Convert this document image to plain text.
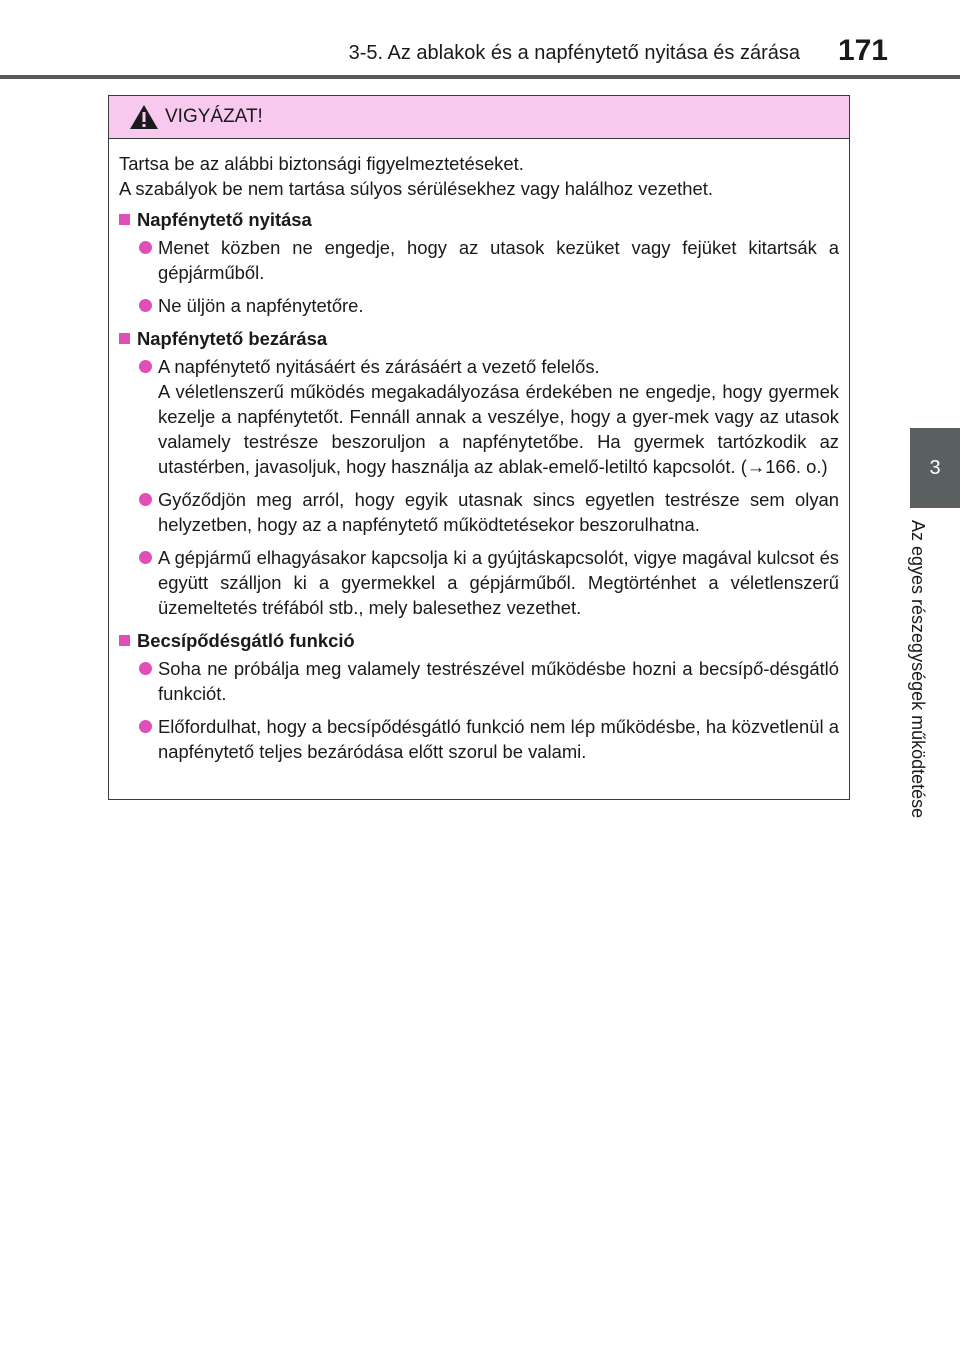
3-5. Az ablakok és a napfénytető nyitása és zárása	171
3
Az egyes részegységek működtetése
VIGYÁZAT!
Tartsa be az alábbi biztonsági figyelmeztetéseket.
A szabályok be nem tartása súlyos sérülésekhez vagy halálhoz vezethet.
Napfénytető nyitása
Menet közben ne engedje, hogy az utasok kezüket vagy fejüket kitartsák a gépjárműből.
Ne üljön a napfénytetőre.
Napfénytető bezárása
A napfénytető nyitásáért és zárásáért a vezető felelős.
A véletlenszerű működés megakadályozása érdekében ne engedje, hogy gyermek kezelje a napfénytetőt. Fennáll annak a veszélye, hogy a gyer-mek vagy az utasok valamely testrésze beszoruljon a napfénytetőbe. Ha gyermek tartózkodik az utastérben, javasoljuk, hogy használja az ablak-emelő-letiltó kapcsolót. (→166. o.)
Győződjön meg arról, hogy egyik utasnak sincs egyetlen testrésze sem olyan helyzetben, hogy az a napfénytető működtetésekor beszorulhatna.
A gépjármű elhagyásakor kapcsolja ki a gyújtáskapcsolót, vigye magával kulcsot és együtt szálljon ki a gyermekkel a gépjárműből. Megtörténhet a véletlenszerű üzemeltetés tréfából stb., mely balesethez vezethet.
Becsípődésgátló funkció
Soha ne próbálja meg valamely testrészével működésbe hozni a becsípő-désgátló funkciót.
Előfordulhat, hogy a becsípődésgátló funkció nem lép működésbe, ha közvetlenül a napfénytető teljes bezáródása előtt szorul be valami.
